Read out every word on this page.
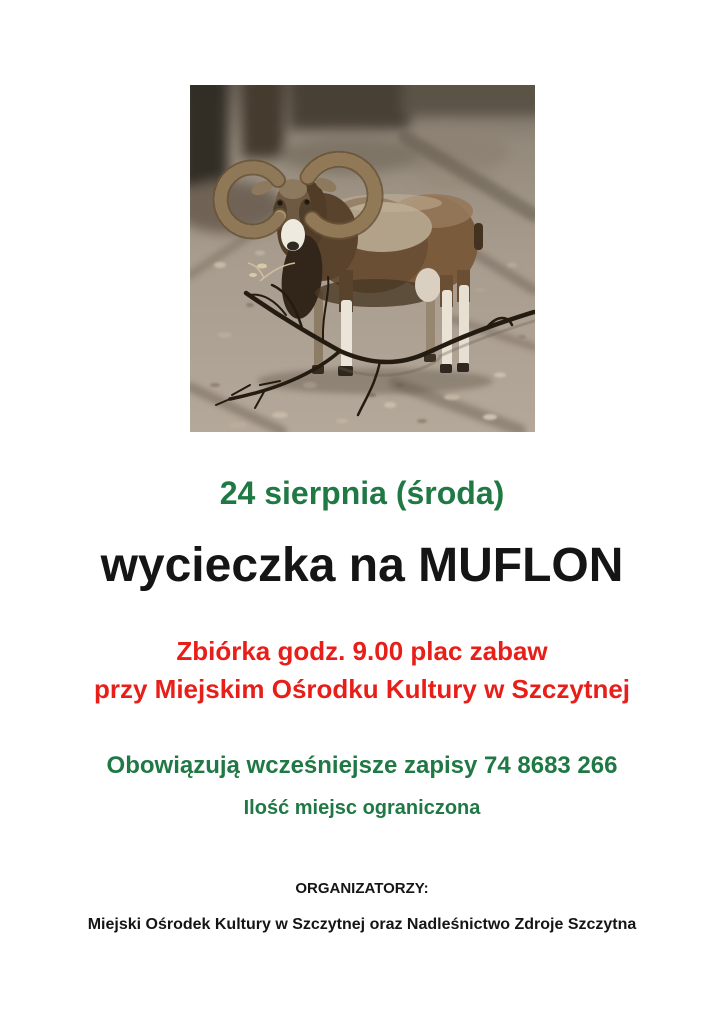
24 sierpnia (środa)
wycieczka na MUFLON
Zbiórka godz. 9.00 plac zabaw
przy Miejskim Ośrodku Kultury w Szczytnej
Obowiązują wcześniejsze zapisy 74 8683 266
Ilość miejsc ograniczona
ORGANIZATORZY:
Miejski Ośrodek Kultury w Szczytnej oraz Nadleśnictwo Zdroje Szczytna
